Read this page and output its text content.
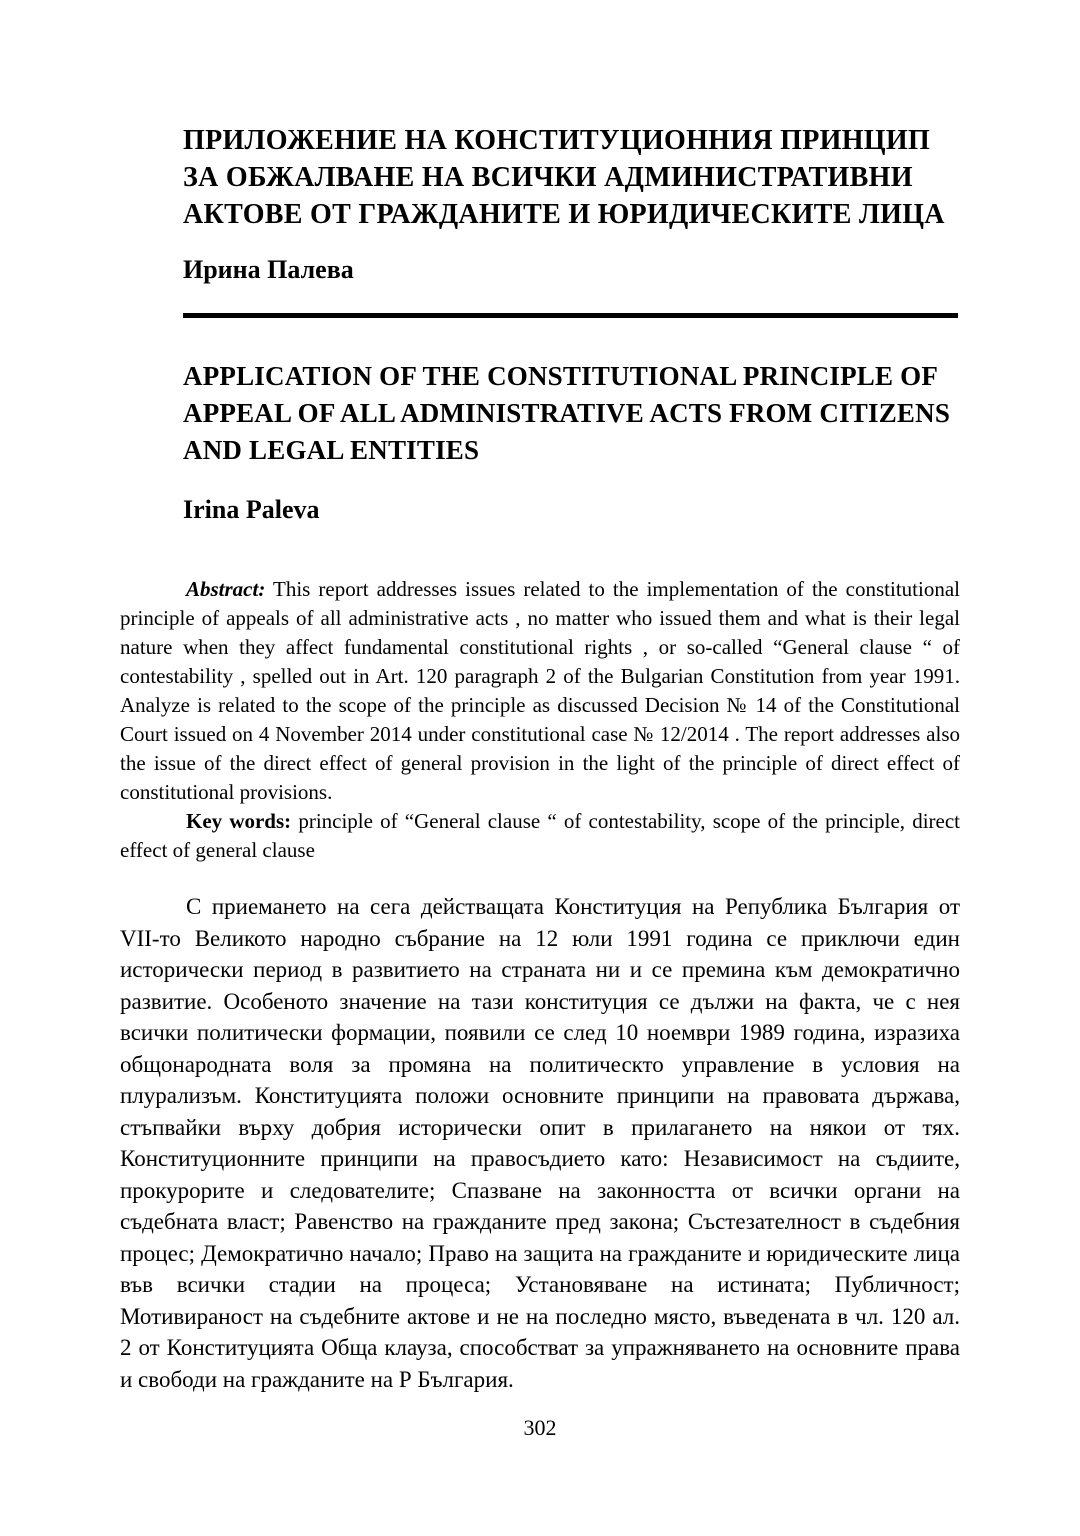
ПРИЛОЖЕНИЕ НА КОНСТИТУЦИОННИЯ ПРИНЦИП ЗА ОБЖАЛВАНЕ НА ВСИЧКИ АДМИНИСТРАТИВНИ АКТОВЕ ОТ ГРАЖДАНИТЕ И ЮРИДИЧЕСКИТЕ ЛИЦА

Ирина Палева

APPLICATION OF THE CONSTITUTIONAL PRINCIPLE OF APPEAL OF ALL ADMINISTRATIVE ACTS FROM CITIZENS AND LEGAL ENTITIES

Irina Paleva

Abstract: This report addresses issues related to the implementation of the constitutional principle of appeals of all administrative acts , no matter who issued them and what is their legal nature when they affect fundamental constitutional rights , or so-called “General clause “ of contestability , spelled out in Art. 120 paragraph 2 of the Bulgarian Constitution from year 1991. Analyze is related to the scope of the principle as discussed Decision № 14 of the Constitutional Court issued on 4 November 2014 under constitutional case № 12/2014 . The report addresses also the issue of the direct effect of general provision in the light of the principle of direct effect of constitutional provisions.

Key words: principle of “General clause “ of contestability, scope of the principle, direct effect of general clause

С приемането на сега действащата Конституция на Република България от VII-то Великото народно събрание на 12 юли 1991 година се приключи един исторически период в развитието на страната ни и се премина към демократично развитие. Особеното значение на тази конституция се дължи на факта, че с нея всички политически формации, появили се след 10 ноември 1989 година, изразиха общонародната воля за промяна на политическто управление в условия на плурализъм. Конституцията положи основните принципи на правовата държава, стъпвайки върху добрия исторически опит в прилагането на някои от тях. Конституционните принципи на правосъдието като: Независимост на съдиите, прокурорите и следователите; Спазване на законността от всички органи на съдебната власт; Равенство на гражданите пред закона; Състезателност в съдебния процес; Демократично начало; Право на защита на гражданите и юридическите лица във всички стадии на процеса; Установяване на истината; Публичност; Мотивираност на съдебните актове и не на последно място, въведената в чл. 120 ал. 2 от Конституцията Обща клауза, способстват за упражняването на основните права и свободи на гражданите на Р България.

302
